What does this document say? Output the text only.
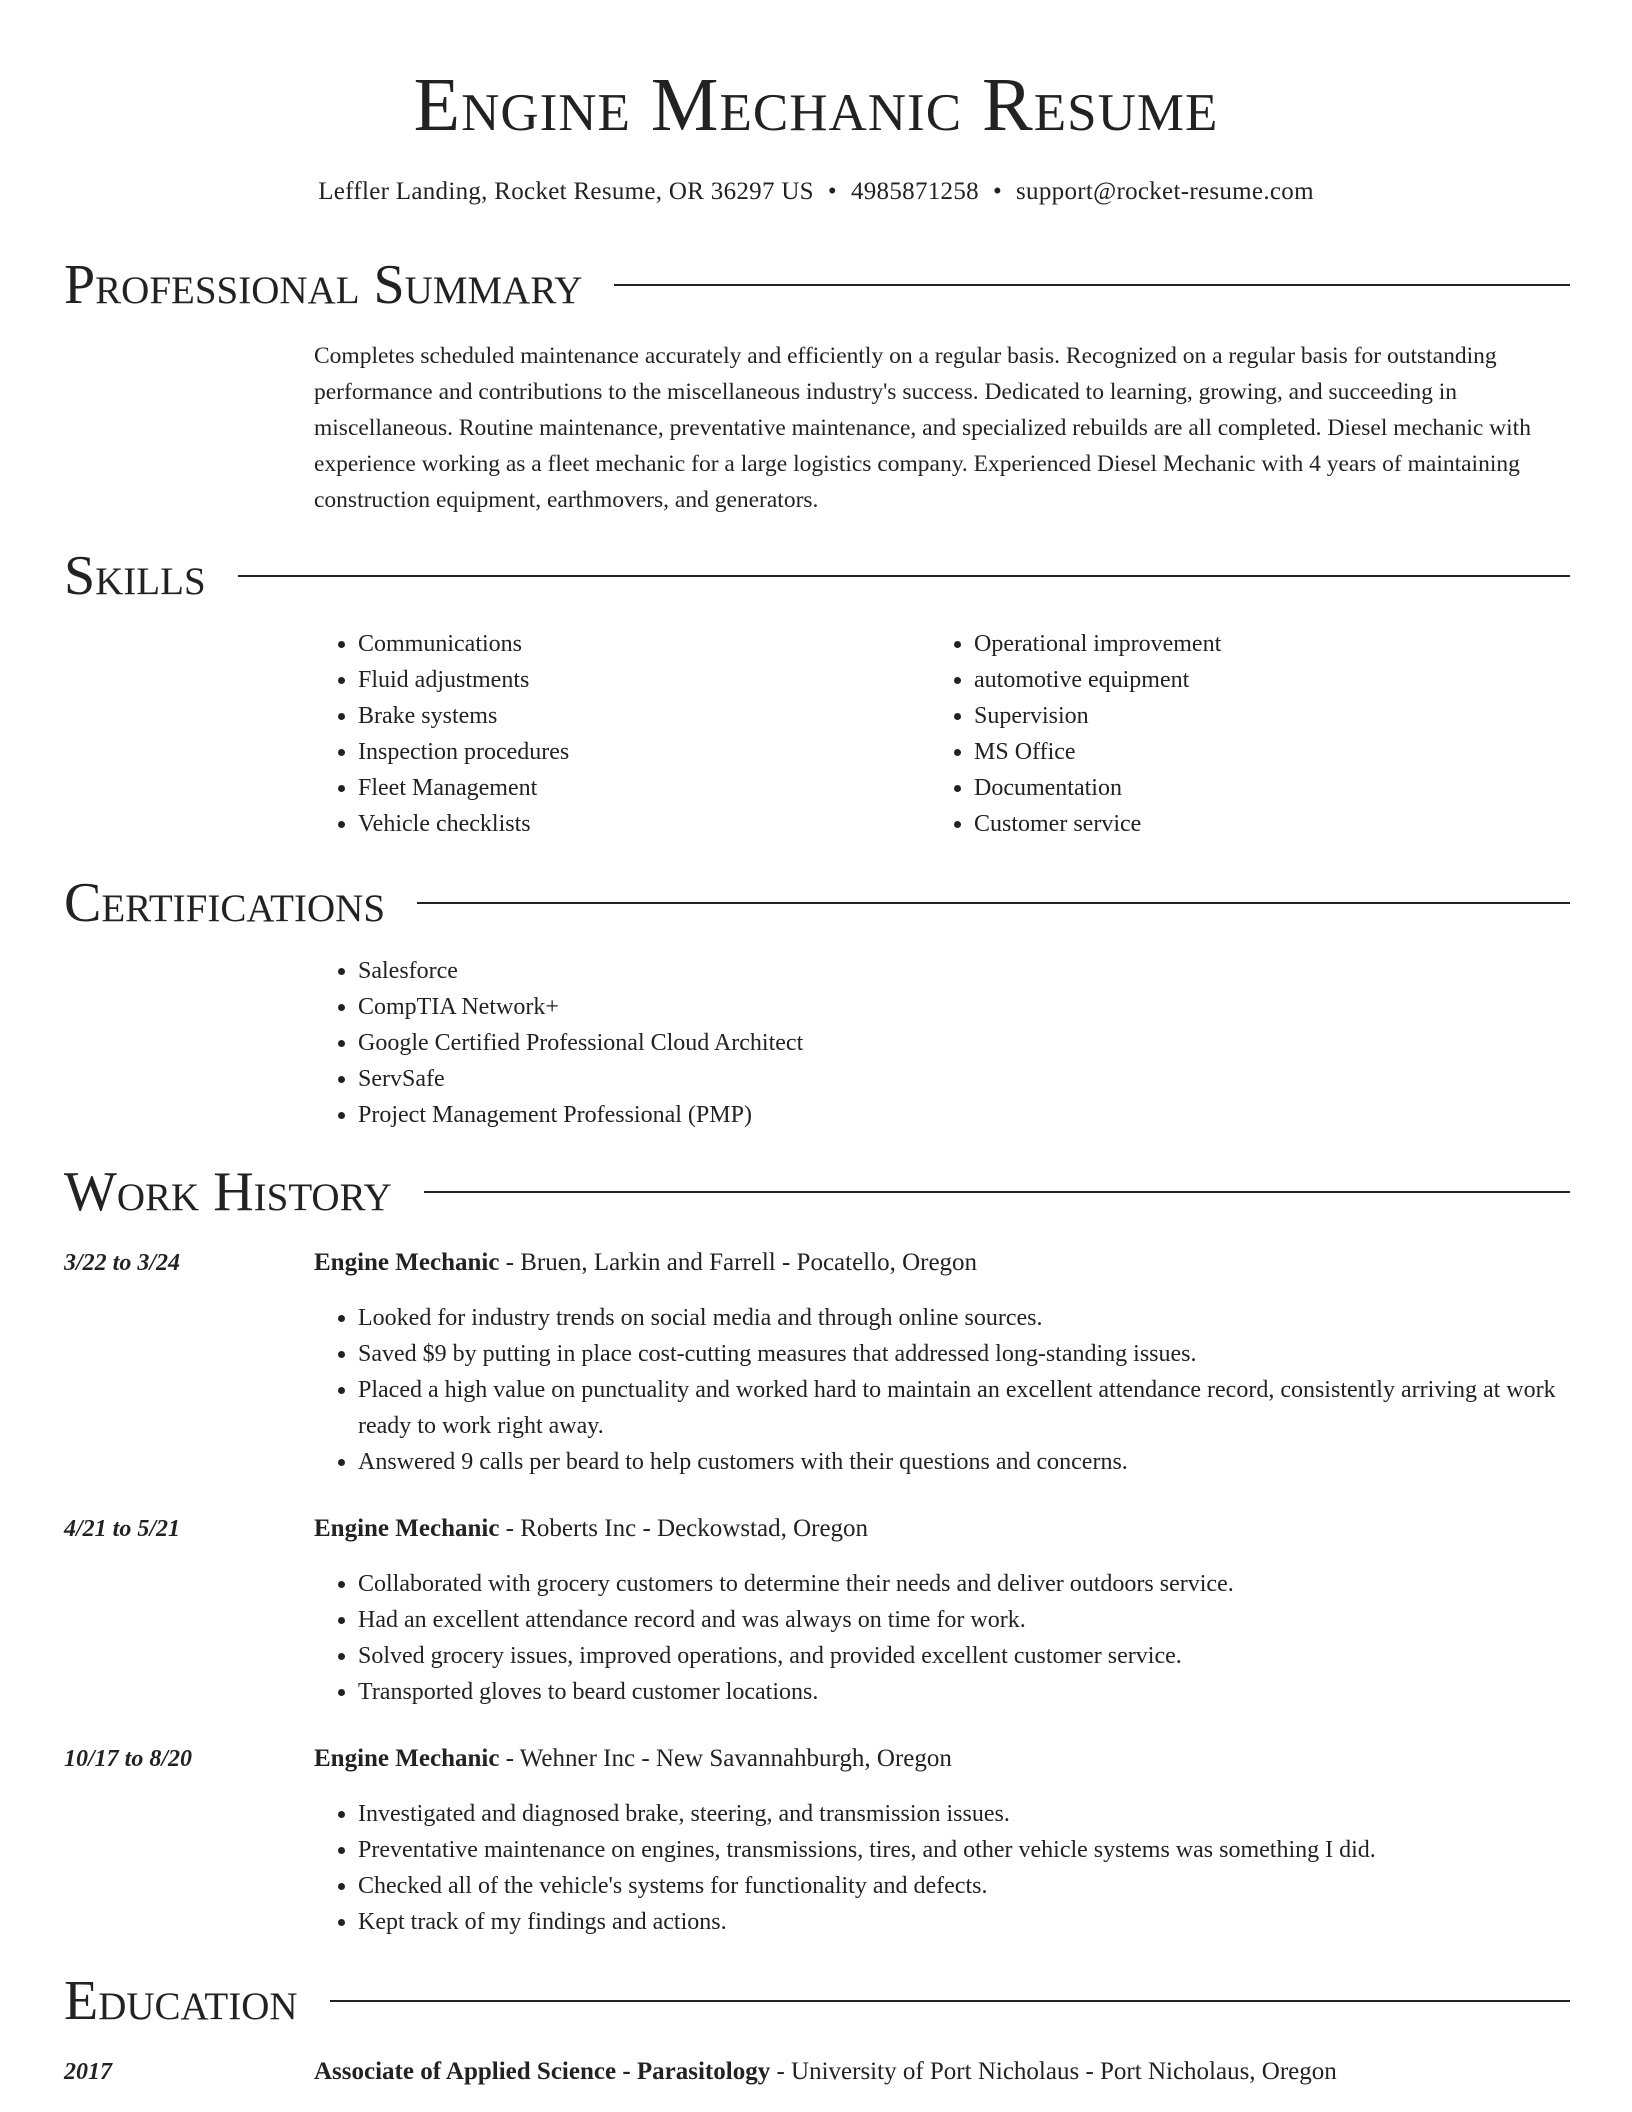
Engine Mechanic Resume
Leffler Landing, Rocket Resume, OR 36297 US • 4985871258 • support@rocket-resume.com
Professional Summary

Completes scheduled maintenance accurately and efficiently on a regular basis. Recognized on a regular basis for outstanding performance and contributions to the miscellaneous industry's success. Dedicated to learning, growing, and succeeding in miscellaneous. Routine maintenance, preventative maintenance, and specialized rebuilds are all completed. Diesel mechanic with experience working as a fleet mechanic for a large logistics company. Experienced Diesel Mechanic with 4 years of maintaining construction equipment, earthmovers, and generators.

Skills
• Communications
• Fluid adjustments
• Brake systems
• Inspection procedures
• Fleet Management
• Vehicle checklists
• Operational improvement
• automotive equipment
• Supervision
• MS Office
• Documentation
• Customer service
Certifications
• Salesforce
• CompTIA Network+
• Google Certified Professional Cloud Architect
• ServSafe
• Project Management Professional (PMP)
Work History
3/22 to 3/24	Engine Mechanic - Bruen, Larkin and Farrell - Pocatello, Oregon
• Looked for industry trends on social media and through online sources.
• Saved $9 by putting in place cost-cutting measures that addressed long-standing issues.
• Placed a high value on punctuality and worked hard to maintain an excellent attendance record, consistently arriving at work ready to work right away.
• Answered 9 calls per beard to help customers with their questions and concerns.
4/21 to 5/21	Engine Mechanic - Roberts Inc - Deckowstad, Oregon
• Collaborated with grocery customers to determine their needs and deliver outdoors service.
• Had an excellent attendance record and was always on time for work.
• Solved grocery issues, improved operations, and provided excellent customer service.
• Transported gloves to beard customer locations.
10/17 to 8/20	Engine Mechanic - Wehner Inc - New Savannahburgh, Oregon
• Investigated and diagnosed brake, steering, and transmission issues.
• Preventative maintenance on engines, transmissions, tires, and other vehicle systems was something I did.
• Checked all of the vehicle's systems for functionality and defects.
• Kept track of my findings and actions.
Education
2017	Associate of Applied Science - Parasitology - University of Port Nicholaus - Port Nicholaus, Oregon
